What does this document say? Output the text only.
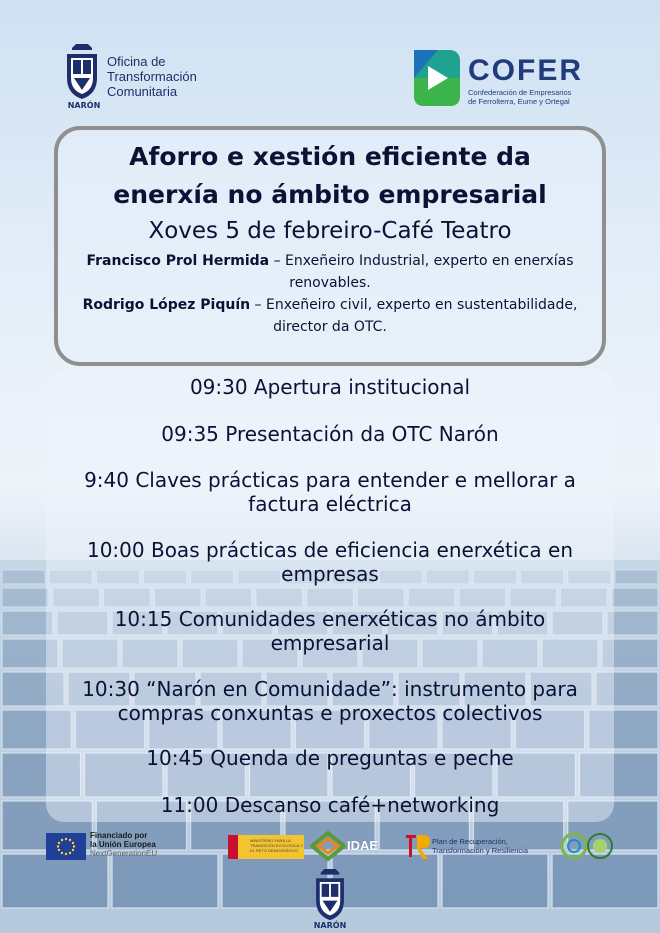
NARÓN
Oficina de
Transformación
Comunitaria
COFER
Confederación de Empresarios
de Ferrolterra, Eume y Ortegal
Aforro e xestión eficiente da
enerxía no ámbito empresarial
Xoves 5 de febreiro-Café Teatro
Francisco Prol Hermida – Enxeñeiro Industrial, experto en enerxías renovables.
Rodrigo López Piquín – Enxeñeiro civil, experto en sustentabilidade, director da OTC.
09:30 Apertura institucional
09:35 Presentación da OTC Narón
9:40 Claves prácticas para entender e mellorar a factura eléctrica
10:00 Boas prácticas de eficiencia enerxética en empresas
10:15 Comunidades enerxéticas no ámbito empresarial
10:30 “Narón en Comunidade”: instrumento para compras conxuntas e proxectos colectivos
10:45 Quenda de preguntas e peche
11:00 Descanso café+networking
Financiado por
la Unión Europea
NextGenerationEU
MINISTERIO PARA LA TRANSICIÓN ECOLÓGICA Y EL RETO DEMOGRÁFICO	IDAE	Plan de Recuperación,
Transformación y Resiliencia
NARÓN
